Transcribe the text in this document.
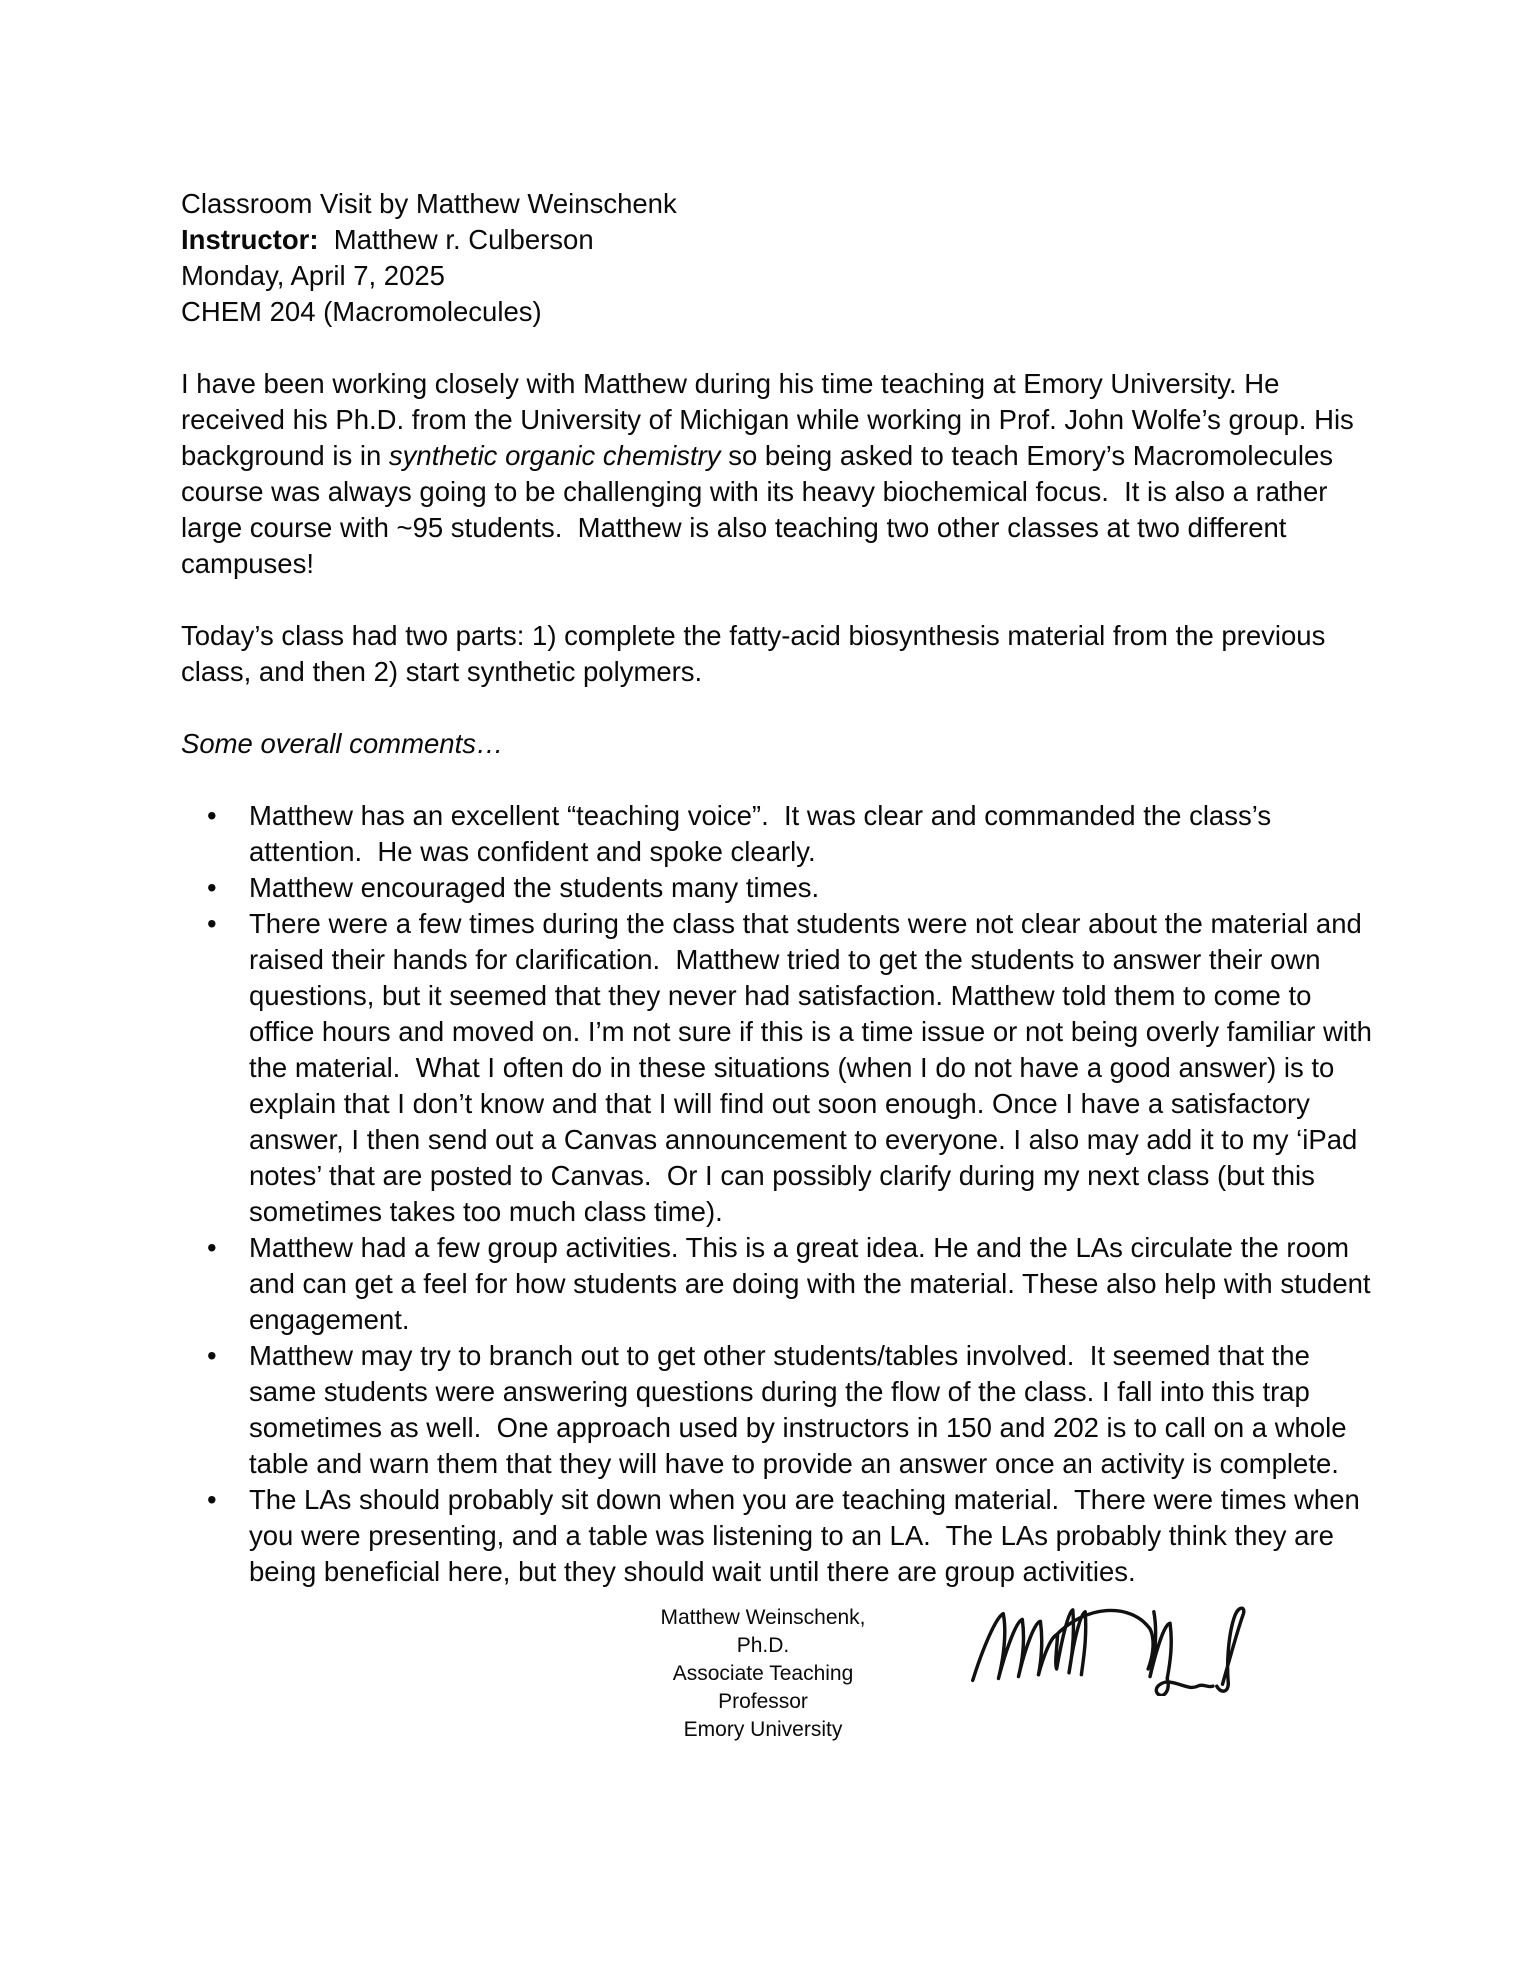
Classroom Visit by Matthew Weinschenk
Instructor:  Matthew r. Culberson
Monday, April 7, 2025
CHEM 204 (Macromolecules)

I have been working closely with Matthew during his time teaching at Emory University. He received his Ph.D. from the University of Michigan while working in Prof. John Wolfe’s group. His background is in synthetic organic chemistry so being asked to teach Emory’s Macromolecules course was always going to be challenging with its heavy biochemical focus.  It is also a rather large course with ~95 students.  Matthew is also teaching two other classes at two different campuses!

Today’s class had two parts: 1) complete the fatty-acid biosynthesis material from the previous class, and then 2) start synthetic polymers.

Some overall comments…

• Matthew has an excellent “teaching voice”.  It was clear and commanded the class’s attention.  He was confident and spoke clearly.
• Matthew encouraged the students many times.
• There were a few times during the class that students were not clear about the material and raised their hands for clarification.  Matthew tried to get the students to answer their own questions, but it seemed that they never had satisfaction. Matthew told them to come to office hours and moved on. I’m not sure if this is a time issue or not being overly familiar with the material.  What I often do in these situations (when I do not have a good answer) is to explain that I don’t know and that I will find out soon enough. Once I have a satisfactory answer, I then send out a Canvas announcement to everyone. I also may add it to my ‘iPad notes’ that are posted to Canvas.  Or I can possibly clarify during my next class (but this sometimes takes too much class time).
• Matthew had a few group activities. This is a great idea. He and the LAs circulate the room and can get a feel for how students are doing with the material. These also help with student engagement.
• Matthew may try to branch out to get other students/tables involved.  It seemed that the same students were answering questions during the flow of the class. I fall into this trap sometimes as well.  One approach used by instructors in 150 and 202 is to call on a whole table and warn them that they will have to provide an answer once an activity is complete.
• The LAs should probably sit down when you are teaching material.  There were times when you were presenting, and a table was listening to an LA.  The LAs probably think they are being beneficial here, but they should wait until there are group activities.
Matthew Weinschenk, Ph.D.
Associate Teaching Professor
Emory University
